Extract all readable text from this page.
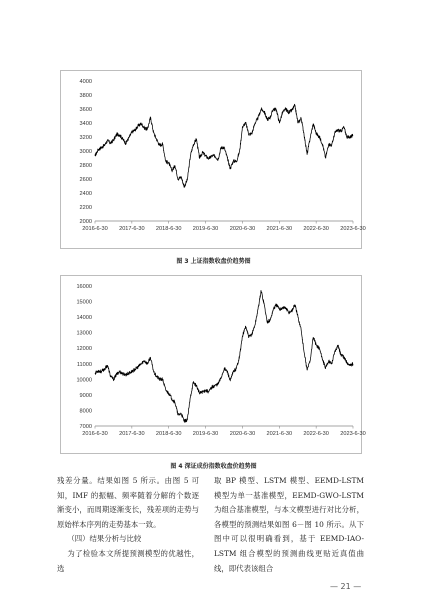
2000
2200
2400
2600
2800
3000
3200
3400
3600
3800
4000
2016-6-30 2017-6-30 2018-6-30 2019-6-30 2020-6-30 2021-6-30 2022-6-30 2023-6-30
图 3 上证指数收盘价趋势图
7000
8000
9000
10000
11000
12000
13000
14000
15000
16000
2016-6-30 2017-6-30 2018-6-30 2019-6-30 2020-6-30 2021-6-30 2022-6-30 2023-6-30
图 4 深证成份指数收盘价趋势图

残差分量。结果如图 5 所示。由图 5 可知，IMF 的振幅、频率随着分解的个数逐渐变小，而周期逐渐变长，残差项的走势与原始样本序列的走势基本一致。

（四）结果分析与比较

为了检验本文所提预测模型的优越性，选

取 BP 模型、LSTM 模型、EEMD-LSTM 模型为单一基准模型，EEMD-GWO-LSTM 为组合基准模型，与本文模型进行对比分析，各模型的预测结果如图 6－图 10 所示。从下图中可以很明确看到，基于 EEMD-IAO-LSTM 组合模型的预测曲线更贴近真值曲线，即代表该组合

— 21 —
